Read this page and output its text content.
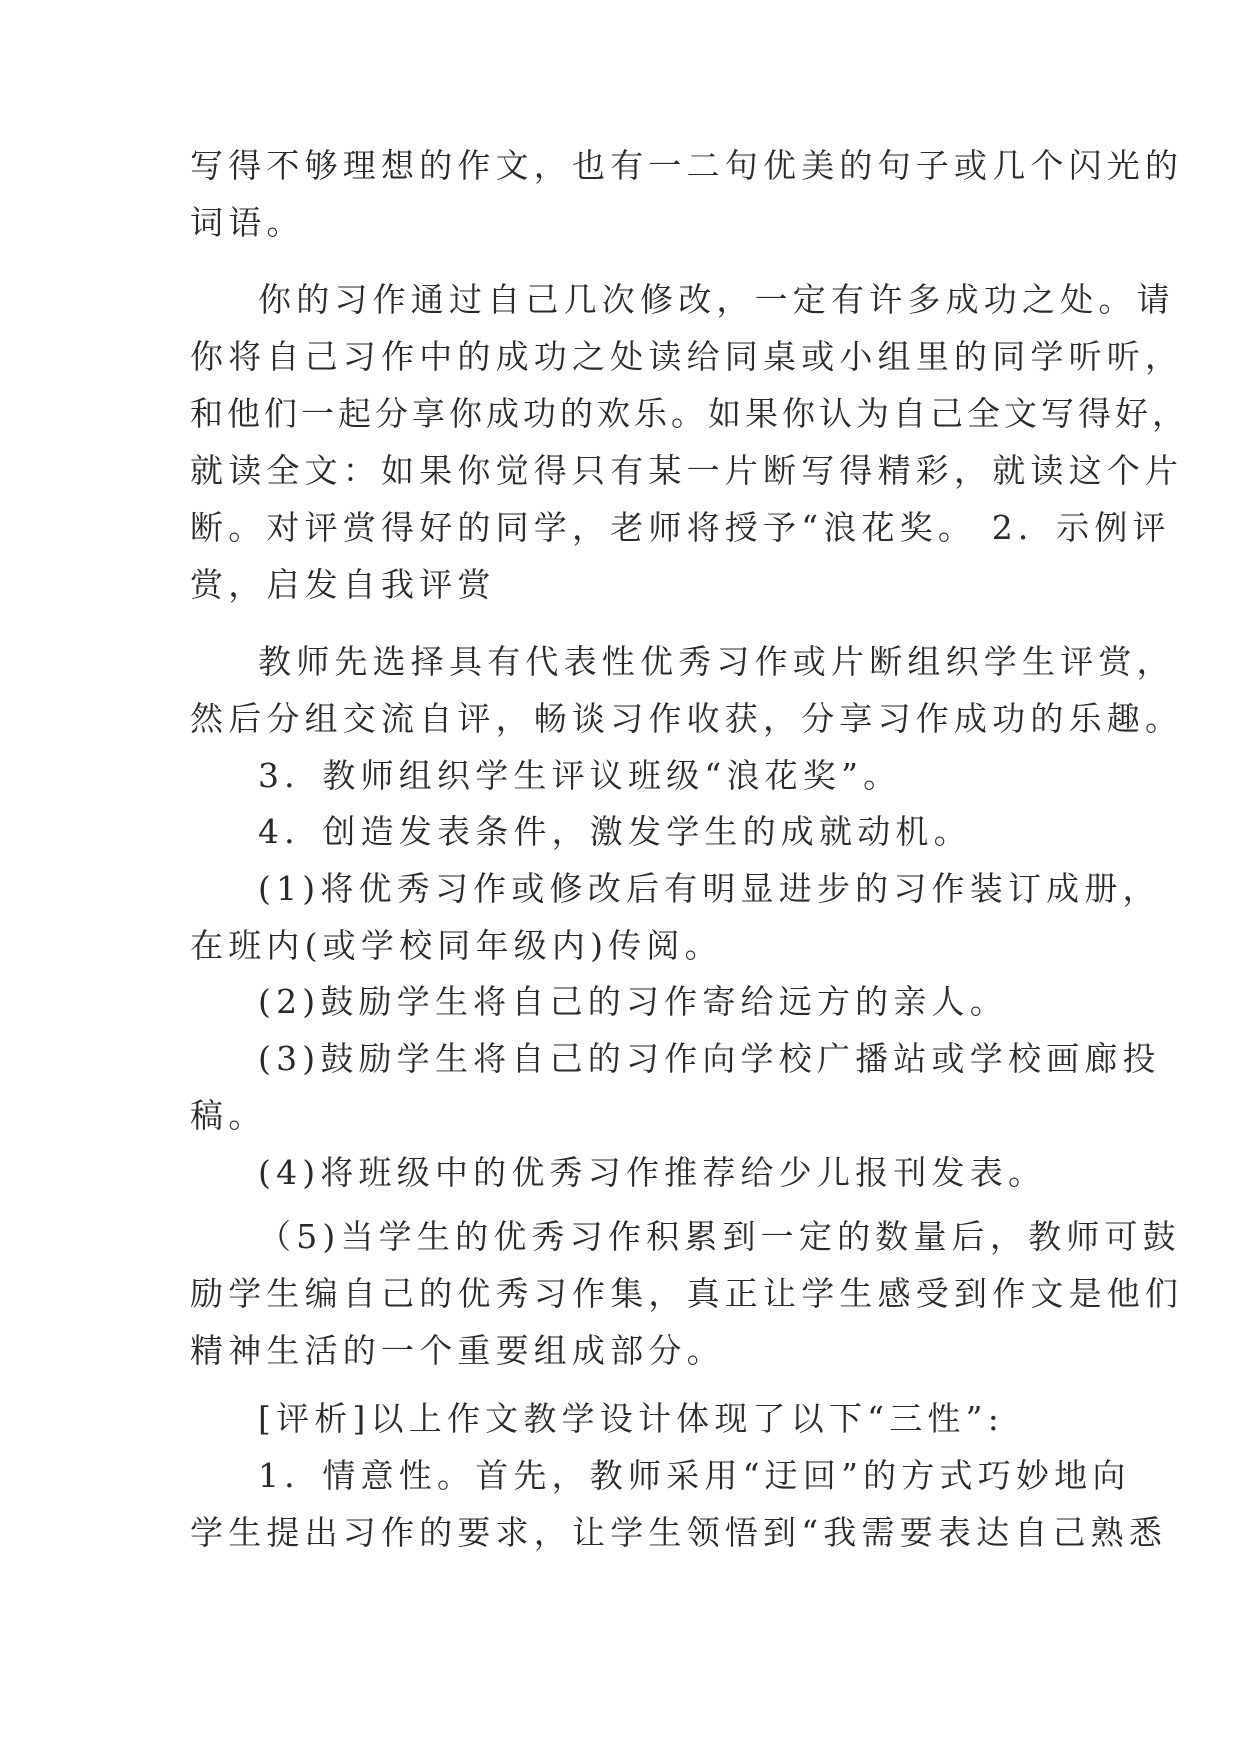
写得不够理想的作文，也有一二句优美的句子或几个闪光的
词语。
你的习作通过自己几次修改，一定有许多成功之处。请
你将自己习作中的成功之处读给同桌或小组里的同学听听，
和他们一起分享你成功的欢乐。如果你认为自己全文写得好，
就读全文：如果你觉得只有某一片断写得精彩，就读这个片
断。对评赏得好的同学，老师将授予“浪花奖。 2．示例评
赏，启发自我评赏
教师先选择具有代表性优秀习作或片断组织学生评赏，
然后分组交流自评，畅谈习作收获，分享习作成功的乐趣。
3．教师组织学生评议班级“浪花奖”。
4．创造发表条件，激发学生的成就动机。
(1)将优秀习作或修改后有明显进步的习作装订成册，
在班内(或学校同年级内)传阅。
(2)鼓励学生将自己的习作寄给远方的亲人。
(3)鼓励学生将自己的习作向学校广播站或学校画廊投
稿。
(4)将班级中的优秀习作推荐给少儿报刊发表。
（5)当学生的优秀习作积累到一定的数量后，教师可鼓
励学生编自己的优秀习作集，真正让学生感受到作文是他们
精神生活的一个重要组成部分。
[评析]以上作文教学设计体现了以下“三性”:
1．情意性。首先，教师采用“迂回”的方式巧妙地向
学生提出习作的要求，让学生领悟到“我需要表达自己熟悉
